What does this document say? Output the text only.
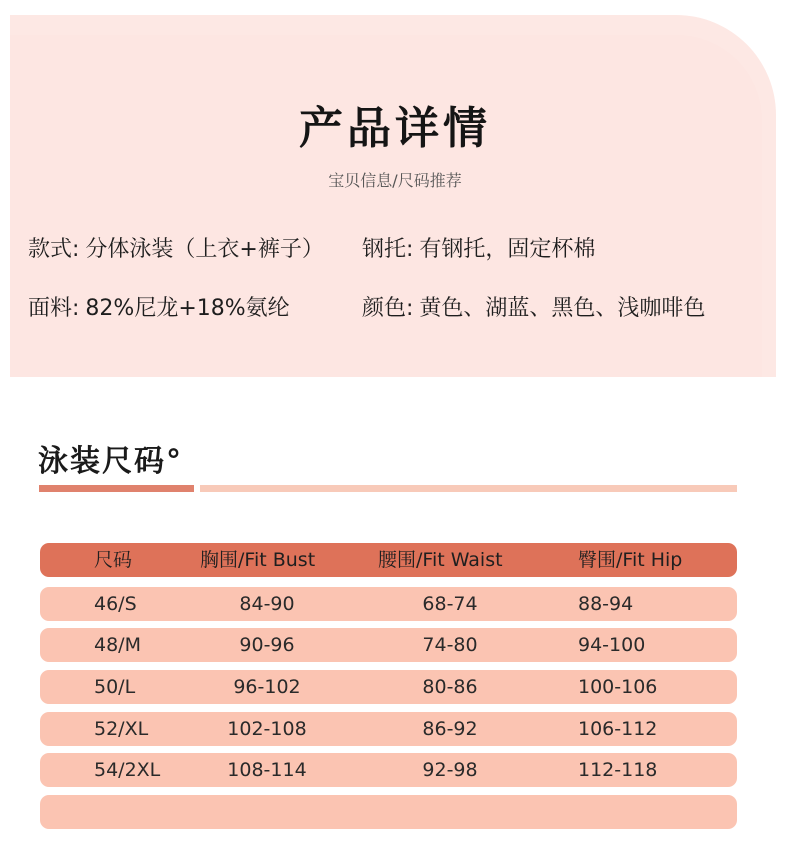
产品详情
宝贝信息/尺码推荐
款式: 分体泳装（上衣+裤子） 钢托: 有钢托，固定杯棉
面料: 82%尼龙+18%氨纶	颜色: 黄色、湖蓝、黑色、浅咖啡色
泳装尺码°
尺码	胸围/Fit Bust	腰围/Fit Waist	臀围/Fit Hip
46/S	84-90	68-74	88-94
48/M	90-96	74-80	94-100
50/L	96-102	80-86	100-106
52/XL	102-108	86-92	106-112
54/2XL	108-114	92-98	112-118
